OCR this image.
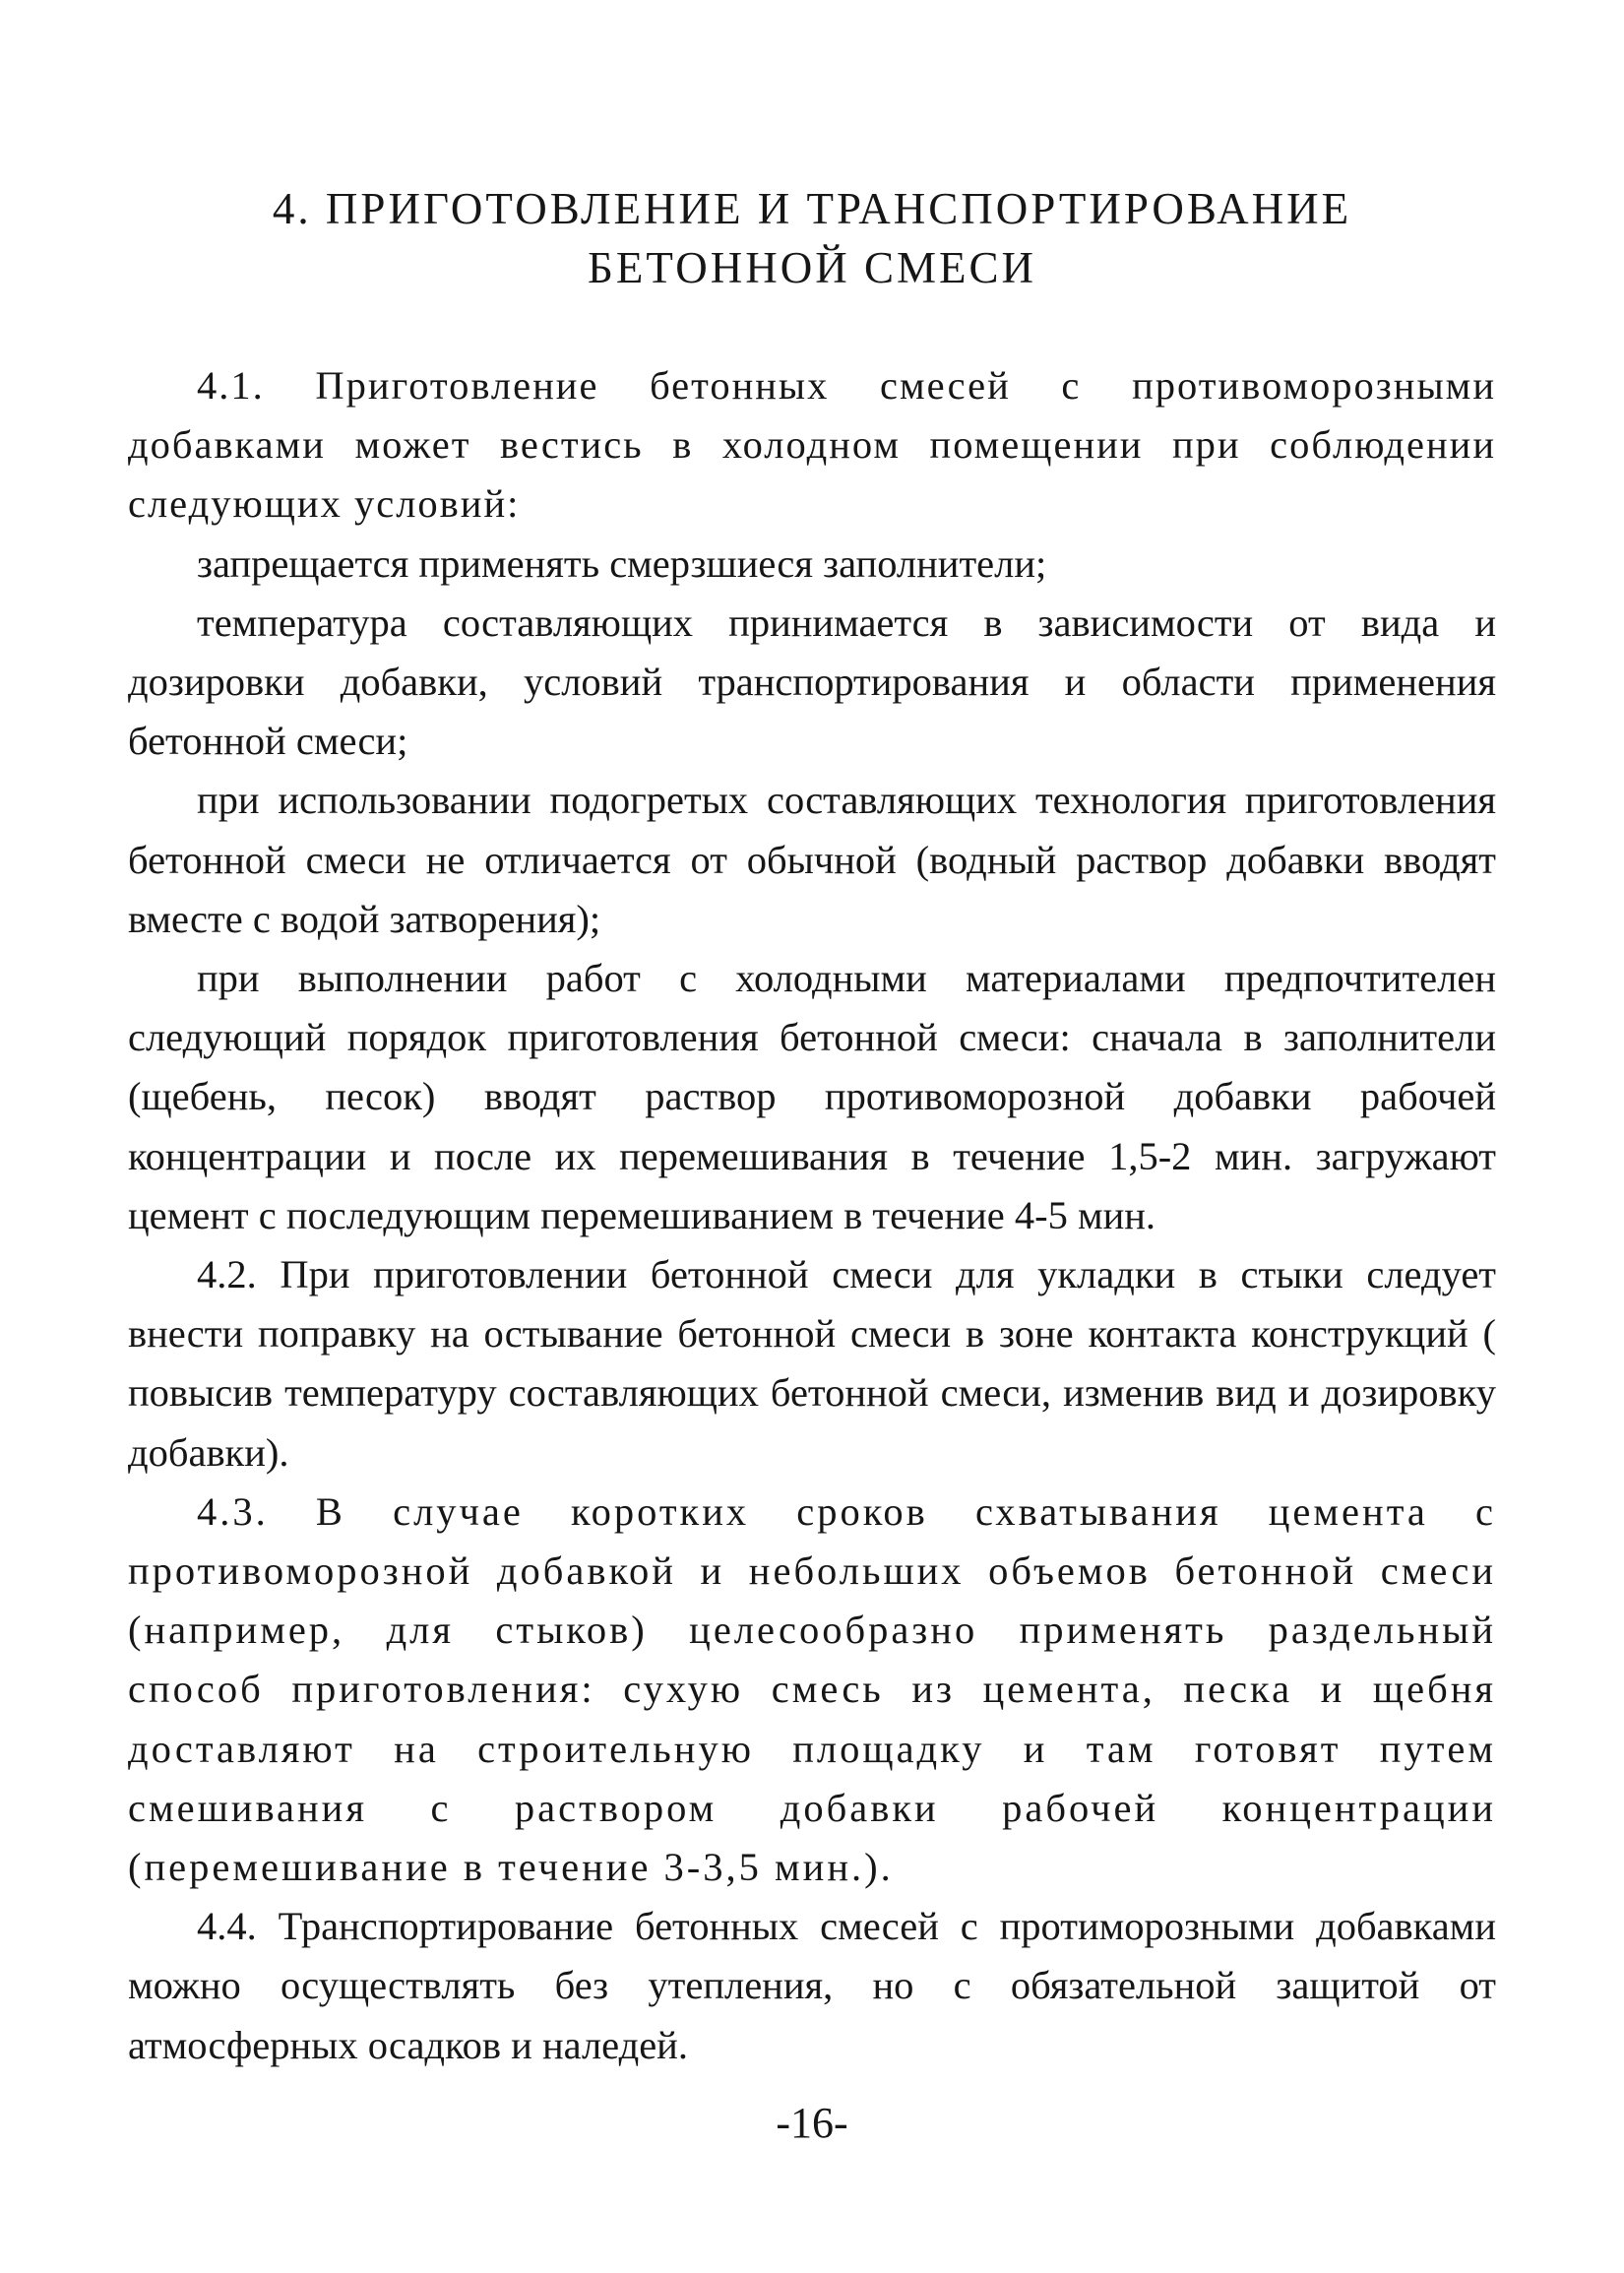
4. ПРИГОТОВЛЕНИЕ И ТРАНСПОРТИРОВАНИЕ
БЕТОННОЙ СМЕСИ

4.1. Приготовление бетонных смесей с противоморозными добавками может вестись в холодном помещении при соблюдении следующих условий:

запрещается применять смерзшиеся заполнители;

температура составляющих принимается в зависимости от вида и дозировки добавки, условий транспортирования и области применения бетонной смеси;

при использовании подогретых составляющих технология приготовления бетонной смеси не отличается от обычной (водный раствор добавки вводят вместе с водой затворения);

при выполнении работ с холодными материалами предпочтителен следующий порядок приготовления бетонной смеси: сначала в заполнители (щебень, песок) вводят раствор противоморозной добавки рабочей концентрации и после их перемешивания в течение 1,5-2 мин. загружают цемент с последующим перемешиванием в течение 4-5 мин.

4.2. При приготовлении бетонной смеси для укладки в стыки следует внести поправку на остывание бетонной смеси в зоне контакта конструкций ( повысив температуру составляющих бетонной смеси, изменив вид и дозировку добавки).

4.3. В случае коротких сроков схватывания цемента с противоморозной добавкой и небольших объемов бетонной смеси (например, для стыков) целесообразно применять раздельный способ приготовления: сухую смесь из цемента, песка и щебня доставляют на строительную площадку и там готовят путем смешивания с раствором добавки рабочей концентрации (перемешивание в течение 3-3,5 мин.).

4.4. Транспортирование бетонных смесей с протиморозными добавками можно осуществлять без утепления, но с обязательной защитой от атмосферных осадков и наледей.

-16-
